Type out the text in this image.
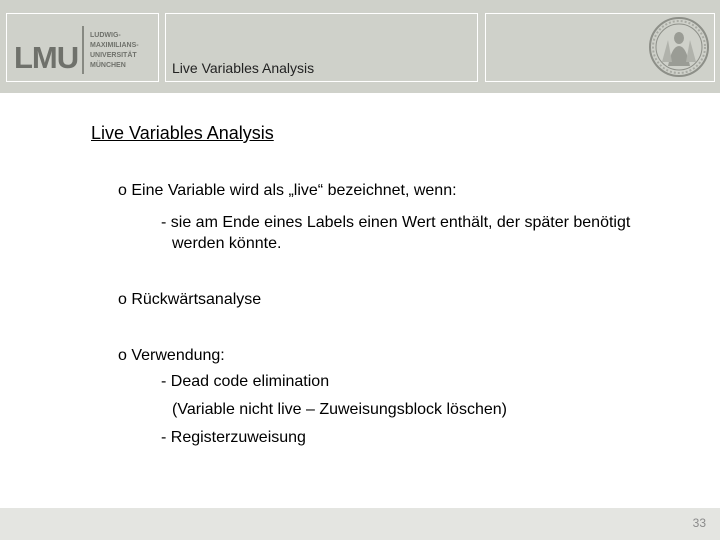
LMU
LUDWIG-
MAXIMILIANS-
UNIVERSITÄT
MÜNCHEN	Live Variables Analysis
Live Variables Analysis
o Eine Variable wird als „live“ bezeichnet, wenn:
- sie am Ende eines Labels einen Wert enthält, der später benötigt
werden könnte.
o Rückwärtsanalyse
o Verwendung:
- Dead code elimination
(Variable nicht live – Zuweisungsblock löschen)
- Registerzuweisung
33
